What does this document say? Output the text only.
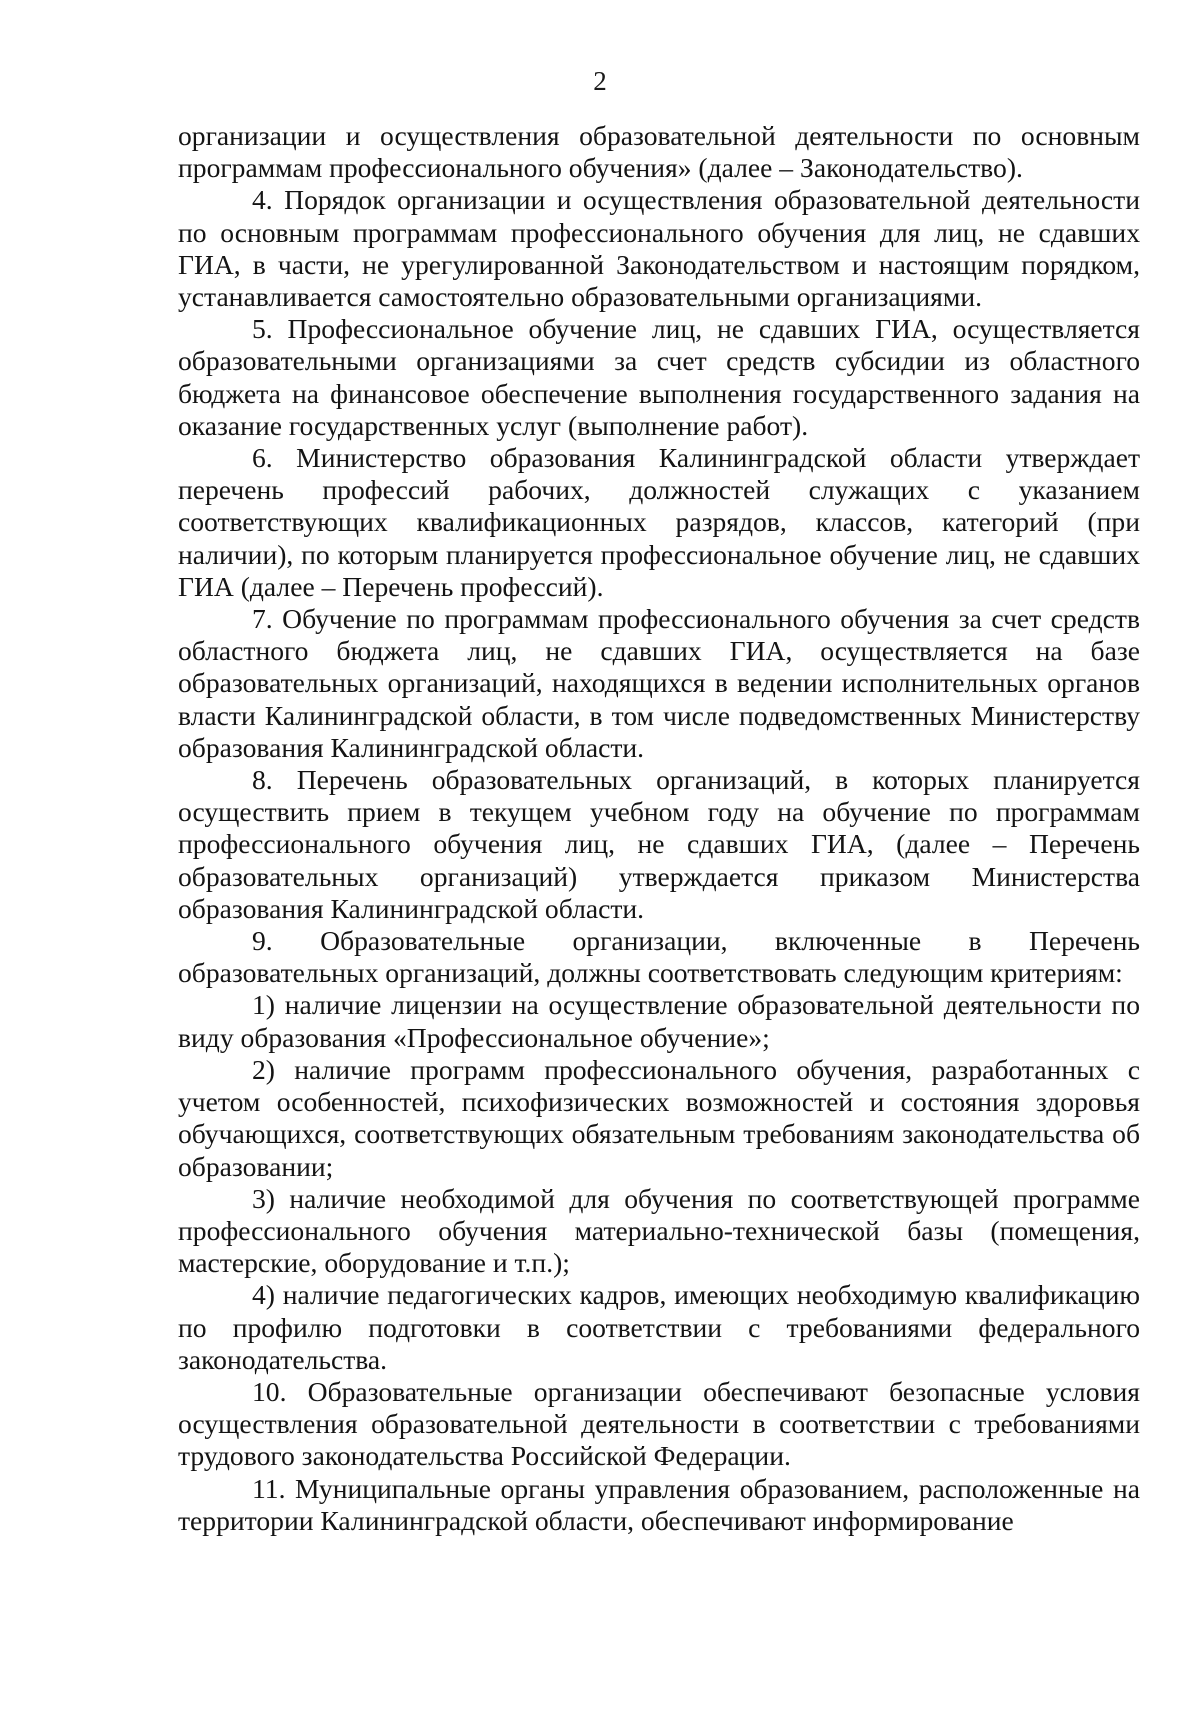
2

организации и осуществления образовательной деятельности по основным программам профессионального обучения» (далее – Законодательство).

4. Порядок организации и осуществления образовательной деятельности по основным программам профессионального обучения для лиц, не сдавших ГИА, в части, не урегулированной Законодательством и настоящим порядком, устанавливается самостоятельно образовательными организациями.

5. Профессиональное обучение лиц, не сдавших ГИА, осуществляется образовательными организациями за счет средств субсидии из областного бюджета на финансовое обеспечение выполнения государственного задания на оказание государственных услуг (выполнение работ).

6. Министерство образования Калининградской области утверждает перечень профессий рабочих, должностей служащих с указанием соответствующих квалификационных разрядов, классов, категорий (при наличии), по которым планируется профессиональное обучение лиц, не сдавших ГИА (далее – Перечень профессий).

7. Обучение по программам профессионального обучения за счет средств областного бюджета лиц, не сдавших ГИА, осуществляется на базе образовательных организаций, находящихся в ведении исполнительных органов власти Калининградской области, в том числе подведомственных Министерству образования Калининградской области.

8. Перечень образовательных организаций, в которых планируется осуществить прием в текущем учебном году на обучение по программам профессионального обучения лиц, не сдавших ГИА, (далее – Перечень образовательных организаций) утверждается приказом Министерства образования Калининградской области.

9. Образовательные организации, включенные в Перечень образовательных организаций, должны соответствовать следующим критериям:

1) наличие лицензии на осуществление образовательной деятельности по виду образования «Профессиональное обучение»;

2) наличие программ профессионального обучения, разработанных с учетом особенностей, психофизических возможностей и состояния здоровья обучающихся, соответствующих обязательным требованиям законодательства об образовании;

3) наличие необходимой для обучения по соответствующей программе профессионального обучения материально-технической базы (помещения, мастерские, оборудование и т.п.);

4) наличие педагогических кадров, имеющих необходимую квалификацию по профилю подготовки в соответствии с требованиями федерального законодательства.

10. Образовательные организации обеспечивают безопасные условия осуществления образовательной деятельности в соответствии с требованиями трудового законодательства Российской Федерации.

11. Муниципальные органы управления образованием, расположенные на территории Калининградской области, обеспечивают информирование
